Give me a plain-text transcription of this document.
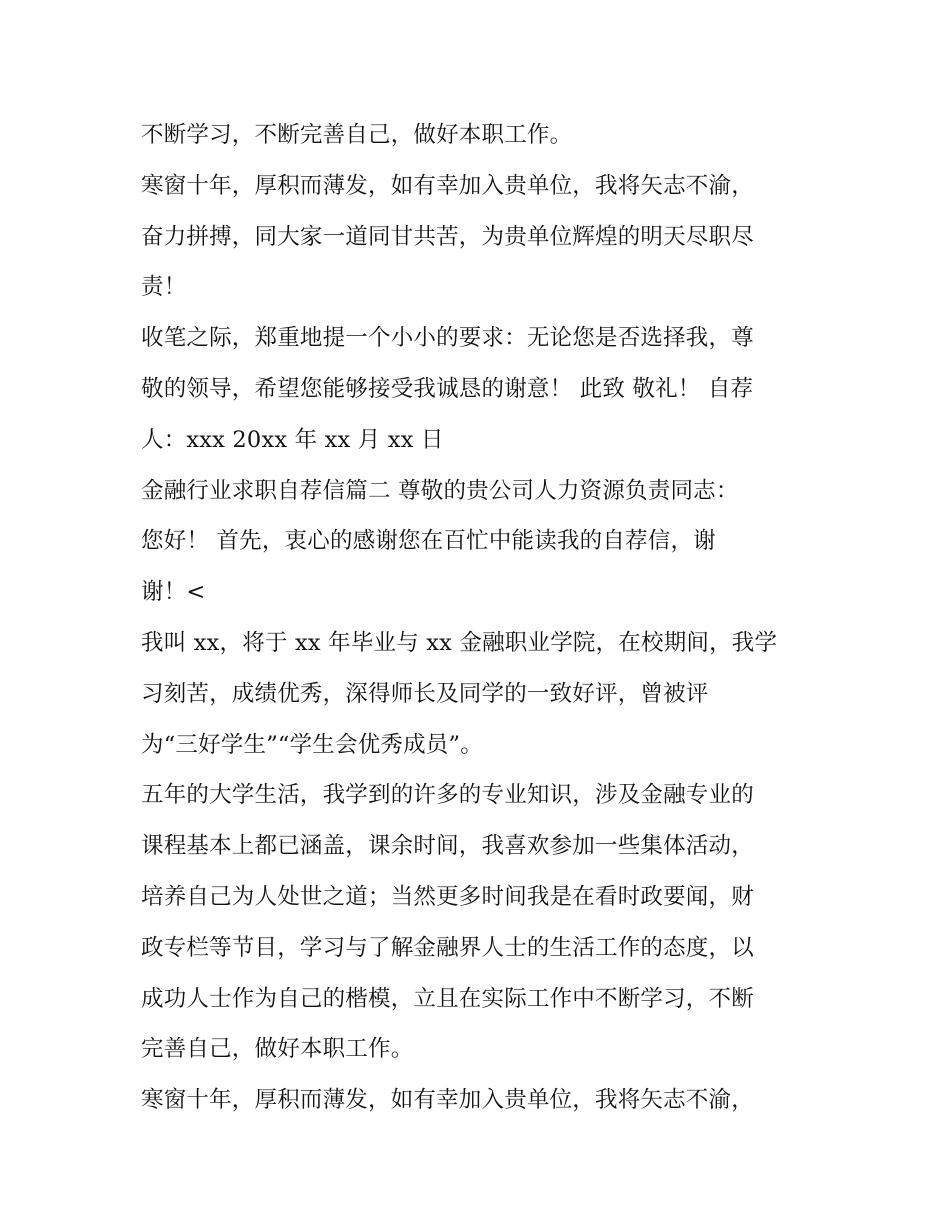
不断学习，不断完善自己，做好本职工作。
寒窗十年，厚积而薄发，如有幸加入贵单位，我将矢志不渝，
奋力拼搏，同大家一道同甘共苦，为贵单位辉煌的明天尽职尽
责！
收笔之际，郑重地提一个小小的要求：无论您是否选择我，尊
敬的领导，希望您能够接受我诚恳的谢意！ 此致 敬礼！ 自荐
人：xxx 20xx 年 xx 月 xx 日
金融行业求职自荐信篇二 尊敬的贵公司人力资源负责同志：
您好！ 首先，衷心的感谢您在百忙中能读我的自荐信，谢
谢！<
我叫 xx，将于 xx 年毕业与 xx 金融职业学院，在校期间，我学
习刻苦，成绩优秀，深得师长及同学的一致好评，曾被评
为“三好学生”“学生会优秀成员”。
五年的大学生活，我学到的许多的专业知识，涉及金融专业的
课程基本上都已涵盖，课余时间，我喜欢参加一些集体活动，
培养自己为人处世之道；当然更多时间我是在看时政要闻，财
政专栏等节目，学习与了解金融界人士的生活工作的态度，以
成功人士作为自己的楷模，立且在实际工作中不断学习，不断
完善自己，做好本职工作。
寒窗十年，厚积而薄发，如有幸加入贵单位，我将矢志不渝，
